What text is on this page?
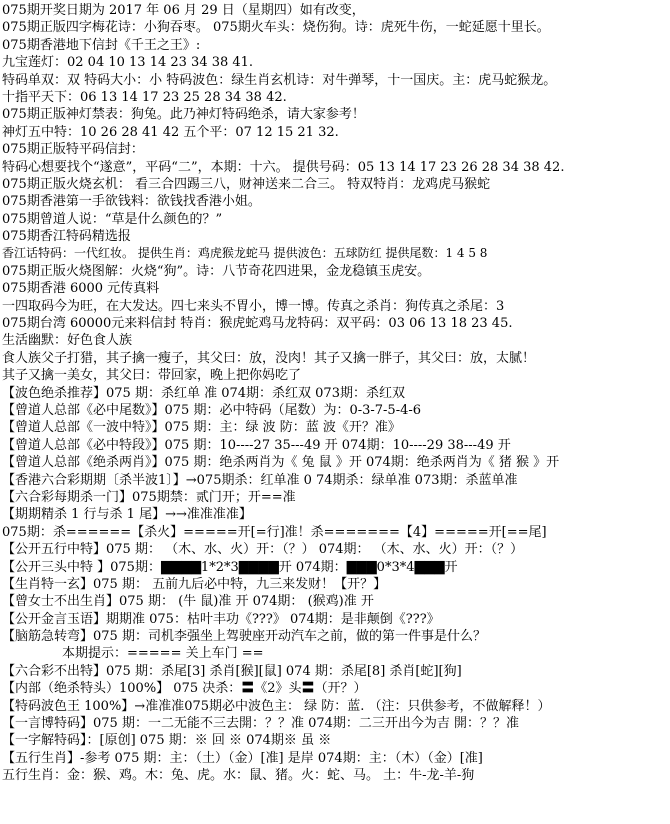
075期开奖日期为 2017 年 06 月 29 日（星期四）如有改变，
075期正版四字梅花诗：小狗吞枣。 075期火车头：烧伤狗。诗：虎死牛伤，一蛇延愿十里长。
075期香港地下信封《千王之王》:
九宝莲灯：02 04 10 13 14 23 34 38 41.
特码单双：双 特码大小：小 特码波色：绿生肖玄机诗：对牛弹琴，十一国庆。主：虎马蛇猴龙。
十指平天下：06 13 14 17 23 25 28 34 38 42.
075期正版神灯禁表：狗兔。此乃神灯特码绝杀，请大家参考！
神灯五中特：10 26 28 41 42 五个平：07 12 15 21 32.
075期正版特平码信封：
特码心想要找个“遂意”，平码“二”，本期：十六。 提供号码：05 13 14 17 23 26 28 34 38 42.
075期正版火烧玄机： 看三合四踢三八，财神送来二合三。 特双特肖：龙鸡虎马猴蛇
075期香港第一手欲钱料：欲钱找香港小姐。
075期曾道人说：“草是什么颜色的？”
075期香江特码精选报
香江话特码：一代红妆。 提供生肖：鸡虎猴龙蛇马 提供波色：五球防红 提供尾数：1 4 5 8
075期正版火烧图解：火烧“狗”。诗：八节奇花四进果，金龙稳镇玉虎安。
075期香港 6000 元传真料
一四取码今为旺，在大发达。四七来头不胃小，博一博。传真之杀肖：狗传真之杀尾：3
075期台湾 60000元来料信封 特肖：猴虎蛇鸡马龙特码：双平码：03 06 13 18 23 45.
生活幽默：好色食人族
食人族父子打猎，其子擒一瘦子，其父曰：放，没肉！其子又擒一胖子，其父曰：放，太腻！
其子又擒一美女，其父曰：带回家，晚上把你妈吃了
【波色绝杀推荐】075 期：杀红单 准 074期：杀红双 073期：杀红双
【曾道人总部《必中尾数》】075 期：必中特码（尾数）为：0-3-7-5-4-6
【曾道人总部《一波中特》】075 期：主：绿 波 防：蓝 波《开？准》
【曾道人总部《必中特段》】075 期：10----27 35---49 开 074期：10----29 38---49 开
【曾道人总部《绝杀两肖》】075 期：绝杀两肖为《 兔 鼠 》开 074期：绝杀两肖为《 猪 猴 》开
【香港六合彩期期〔杀半波1〕】→075期杀：红单准 0 74期杀：绿单准 073期：杀蓝单准
【六合彩每期杀一门】075期禁：贰门开；开==准
【期期精杀 1 行与杀 1 尾】→→准准准准】
075期：杀======【杀火】=====开[=行]准！杀=======【4】=====开[==尾]
【公开五行中特】075 期： （木、水、火）开：（？） 074期： （木、水、火）开：（？）
【公开三头中特 】075期：▇▇▇▇1*2*3▇▇▇▇开 074期：▇▇▇0*3*4▇▇▇开
【生肖特一玄】075 期： 五前九后必中特，九三来发财！【开？】
【曾女士不出生肖】075 期： (牛 鼠)准 开 074期： (猴鸡)准 开
【公开金言玉语】期期准 075：枯叶丰功《???》 074期：是非颠倒《???》
【脑筋急转弯】075 期：司机李强坐上驾驶座开动汽车之前，做的第一件事是什么？
本期提示：===== 关上车门 ==
【六合彩不出特】075 期：杀尾[3] 杀肖[猴][鼠] 074 期：杀尾[8] 杀肖[蛇][狗]
【内部（绝杀特头）100%】 075 决杀：〓《2》头〓（开？）
【特码波色王 100%】→准准准075期必中波色主： 绿 防：蓝. （注：只供参考，不做解释！）
【一言博特码】075 期：一二无能不三去開：？？准 074期：二三开出今为吉 開：？？准
【一字解特码】：[原创] 075 期：※ 回 ※ 074期※ 虽 ※
【五行生肖】-参考 075 期：主：（土）（金）[准] 是岸 074期：主：（木）（金）[准]
五行生肖：金：猴、鸡。木：兔、虎。水：鼠、猪。火：蛇、马。 土：牛-龙-羊-狗
